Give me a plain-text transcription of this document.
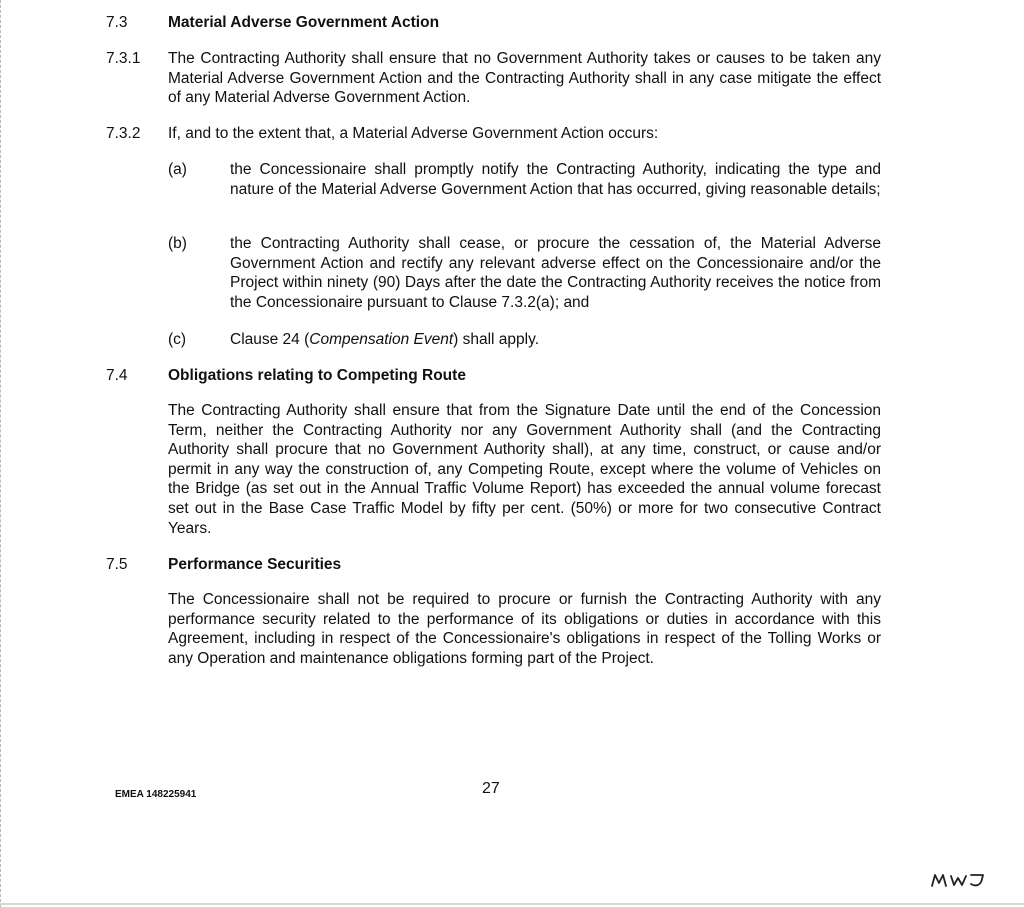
7.3	Material Adverse Government Action
7.3.1 The Contracting Authority shall ensure that no Government Authority takes or causes to be taken any Material Adverse Government Action and the Contracting Authority shall in any case mitigate the effect of any Material Adverse Government Action.

7.3.2 If, and to the extent that, a Material Adverse Government Action occurs:

(a)	the Concessionaire shall promptly notify the Contracting Authority, indicating the type and nature of the Material Adverse Government Action that has occurred, giving reasonable details;

(b)	the Contracting Authority shall cease, or procure the cessation of, the Material Adverse Government Action and rectify any relevant adverse effect on the Concessionaire and/or the Project within ninety (90) Days after the date the Contracting Authority receives the notice from the Concessionaire pursuant to Clause 7.3.2(a); and

(c)	Clause 24 (Compensation Event) shall apply.

7.4	Obligations relating to Competing Route

The Contracting Authority shall ensure that from the Signature Date until the end of the Concession Term, neither the Contracting Authority nor any Government Authority shall (and the Contracting Authority shall procure that no Government Authority shall), at any time, construct, or cause and/or permit in any way the construction of, any Competing Route, except where the volume of Vehicles on the Bridge (as set out in the Annual Traffic Volume Report) has exceeded the annual volume forecast set out in the Base Case Traffic Model by fifty per cent. (50%) or more for two consecutive Contract Years.

7.5	Performance Securities

The Concessionaire shall not be required to procure or furnish the Contracting Authority with any performance security related to the performance of its obligations or duties in accordance with this Agreement, including in respect of the Concessionaire's obligations in respect of the Tolling Works or any Operation and maintenance obligations forming part of the Project.

EMEA 148225941	27
